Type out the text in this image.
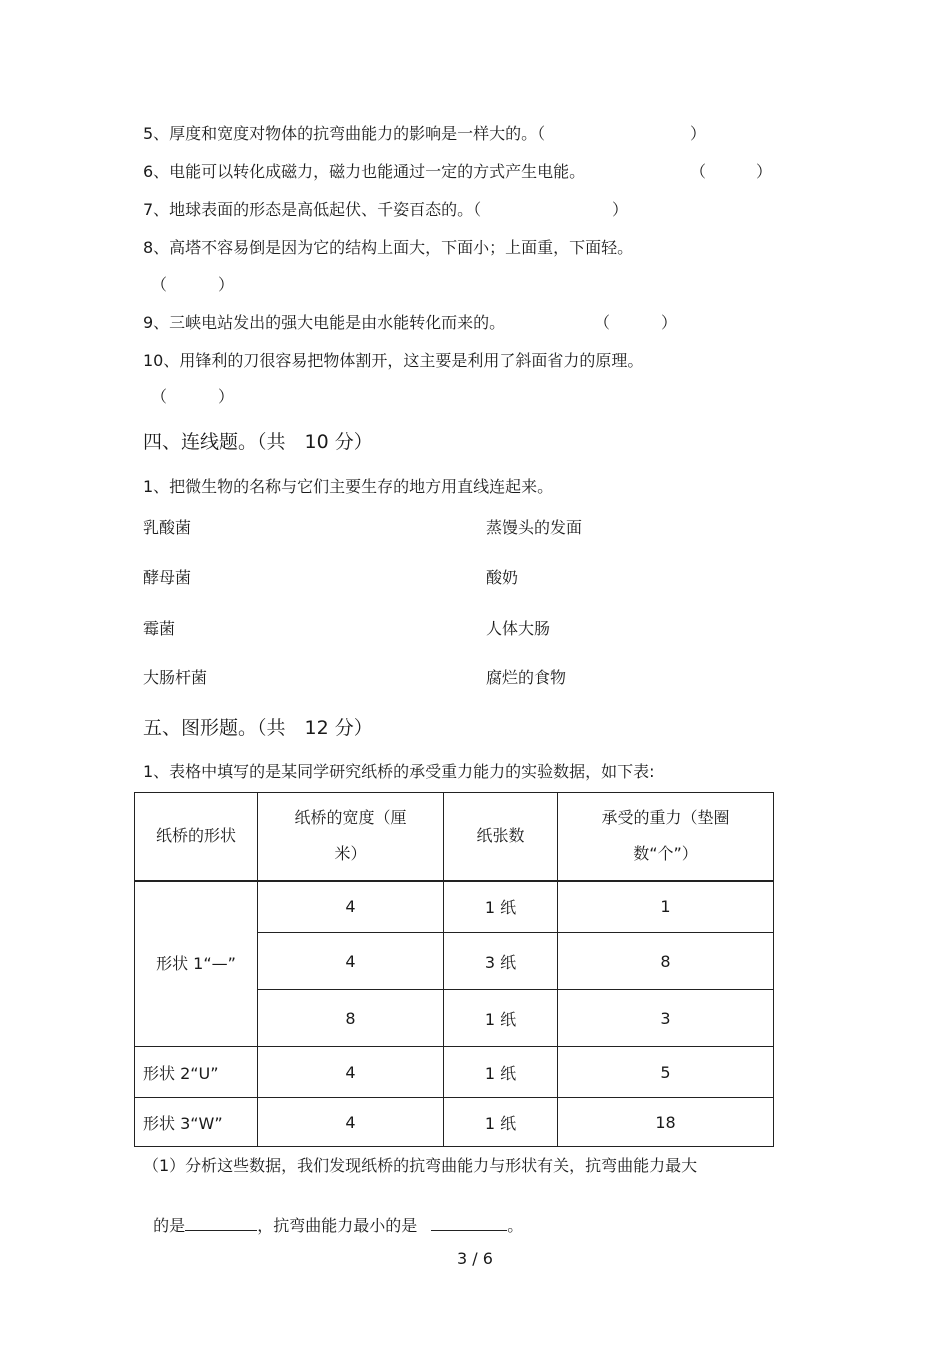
5、厚度和宽度对物体的抗弯曲能力的影响是一样大的。（	）
6、电能可以转化成磁力，磁力也能通过一定的方式产生电能。	（	）
7、地球表面的形态是高低起伏、千姿百态的。（	）
8、高塔不容易倒是因为它的结构上面大，下面小；上面重，下面轻。
（	）
9、三峡电站发出的强大电能是由水能转化而来的。	（	）
10、用锋利的刀很容易把物体割开，这主要是利用了斜面省力的原理。
（	）
四、连线题。（共　10 分）
1、把微生物的名称与它们主要生存的地方用直线连起来。
乳酸菌	蒸馒头的发面
酵母菌	酸奶
霉菌	人体大肠
大肠杆菌	腐烂的食物
五、图形题。（共　12 分）
1、表格中填写的是某同学研究纸桥的承受重力能力的实验数据，如下表:
纸桥的形状	纸桥的宽度（厘米）	纸张数	承受的重力（垫圈数“个”）
形状 1“—”	4	1 纸	1
	4	3 纸	8
	8	1 纸	3
形状 2“U”	4	1 纸	5
形状 3“W”	4	1 纸	18
（1）分析这些数据，我们发现纸桥的抗弯曲能力与形状有关，抗弯曲能力最大

的是	，抗弯曲能力最小的是	。

3 / 6
